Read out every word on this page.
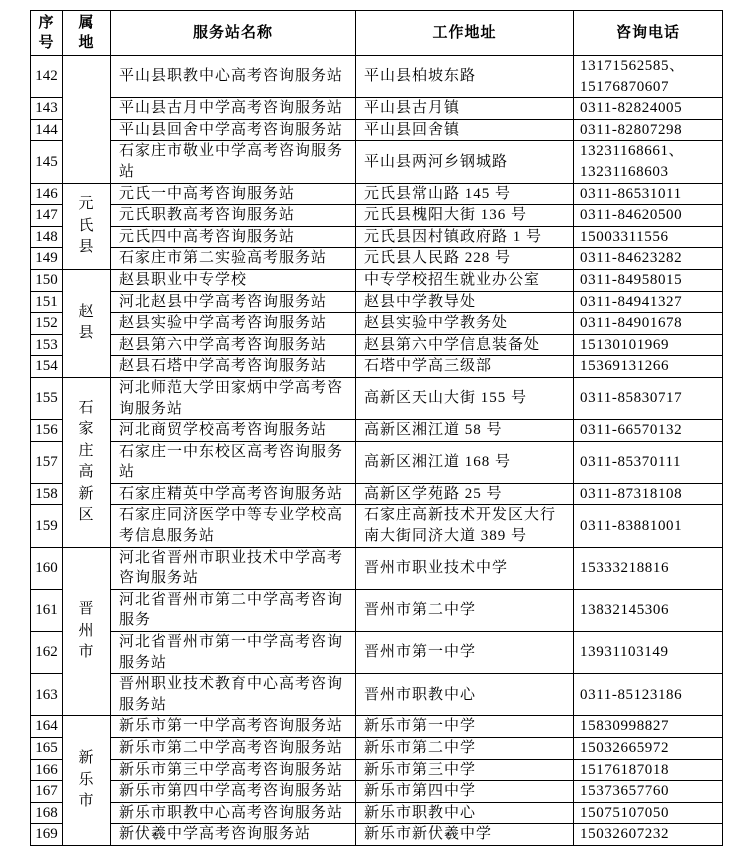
序号	属地	服务站名称	工作地址	咨询电话
142		平山县职教中心高考咨询服务站	平山县柏坡东路	13171562585、15176870607
143		平山县古月中学高考咨询服务站	平山县古月镇	0311-82824005
144		平山县回舍中学高考咨询服务站	平山县回舍镇	0311-82807298
145		石家庄市敬业中学高考咨询服务站	平山县两河乡钢城路	13231168661、13231168603
146	元氏县	元氏一中高考咨询服务站	元氏县常山路 145 号	0311-86531011
147		元氏职教高考咨询服务站	元氏县槐阳大街 136 号	0311-84620500
148		元氏四中高考咨询服务站	元氏县因村镇政府路 1 号	15003311556
149		石家庄市第二实验高考服务站	元氏县人民路 228 号	0311-84623282
150	赵县	赵县职业中专学校	中专学校招生就业办公室	0311-84958015
151		河北赵县中学高考咨询服务站	赵县中学教导处	0311-84941327
152		赵县实验中学高考咨询服务站	赵县实验中学教务处	0311-84901678
153		赵县第六中学高考咨询服务站	赵县第六中学信息装备处	15130101969
154		赵县石塔中学高考咨询服务站	石塔中学高三级部	15369131266
155	石家庄高新区	河北师范大学田家炳中学高考咨询服务站	高新区天山大街 155 号	0311-85830717
156		河北商贸学校高考咨询服务站	高新区湘江道 58 号	0311-66570132
157		石家庄一中东校区高考咨询服务站	高新区湘江道 168 号	0311-85370111
158		石家庄精英中学高考咨询服务站	高新区学苑路 25 号	0311-87318108
159		石家庄同济医学中等专业学校高考信息服务站	石家庄高新技术开发区大行南大街同济大道 389 号	0311-83881001
160	晋州市	河北省晋州市职业技术中学高考咨询服务站	晋州市职业技术中学	15333218816
161		河北省晋州市第二中学高考咨询服务	晋州市第二中学	13832145306
162		河北省晋州市第一中学高考咨询服务站	晋州市第一中学	13931103149
163		晋州职业技术教育中心高考咨询服务站	晋州市职教中心	0311-85123186
164	新乐市	新乐市第一中学高考咨询服务站	新乐市第一中学	15830998827
165		新乐市第二中学高考咨询服务站	新乐市第二中学	15032665972
166		新乐市第三中学高考咨询服务站	新乐市第三中学	15176187018
167		新乐市第四中学高考咨询服务站	新乐市第四中学	15373657760
168		新乐市职教中心高考咨询服务站	新乐市职教中心	15075107050
169		新伏羲中学高考咨询服务站	新乐市新伏羲中学	15032607232
